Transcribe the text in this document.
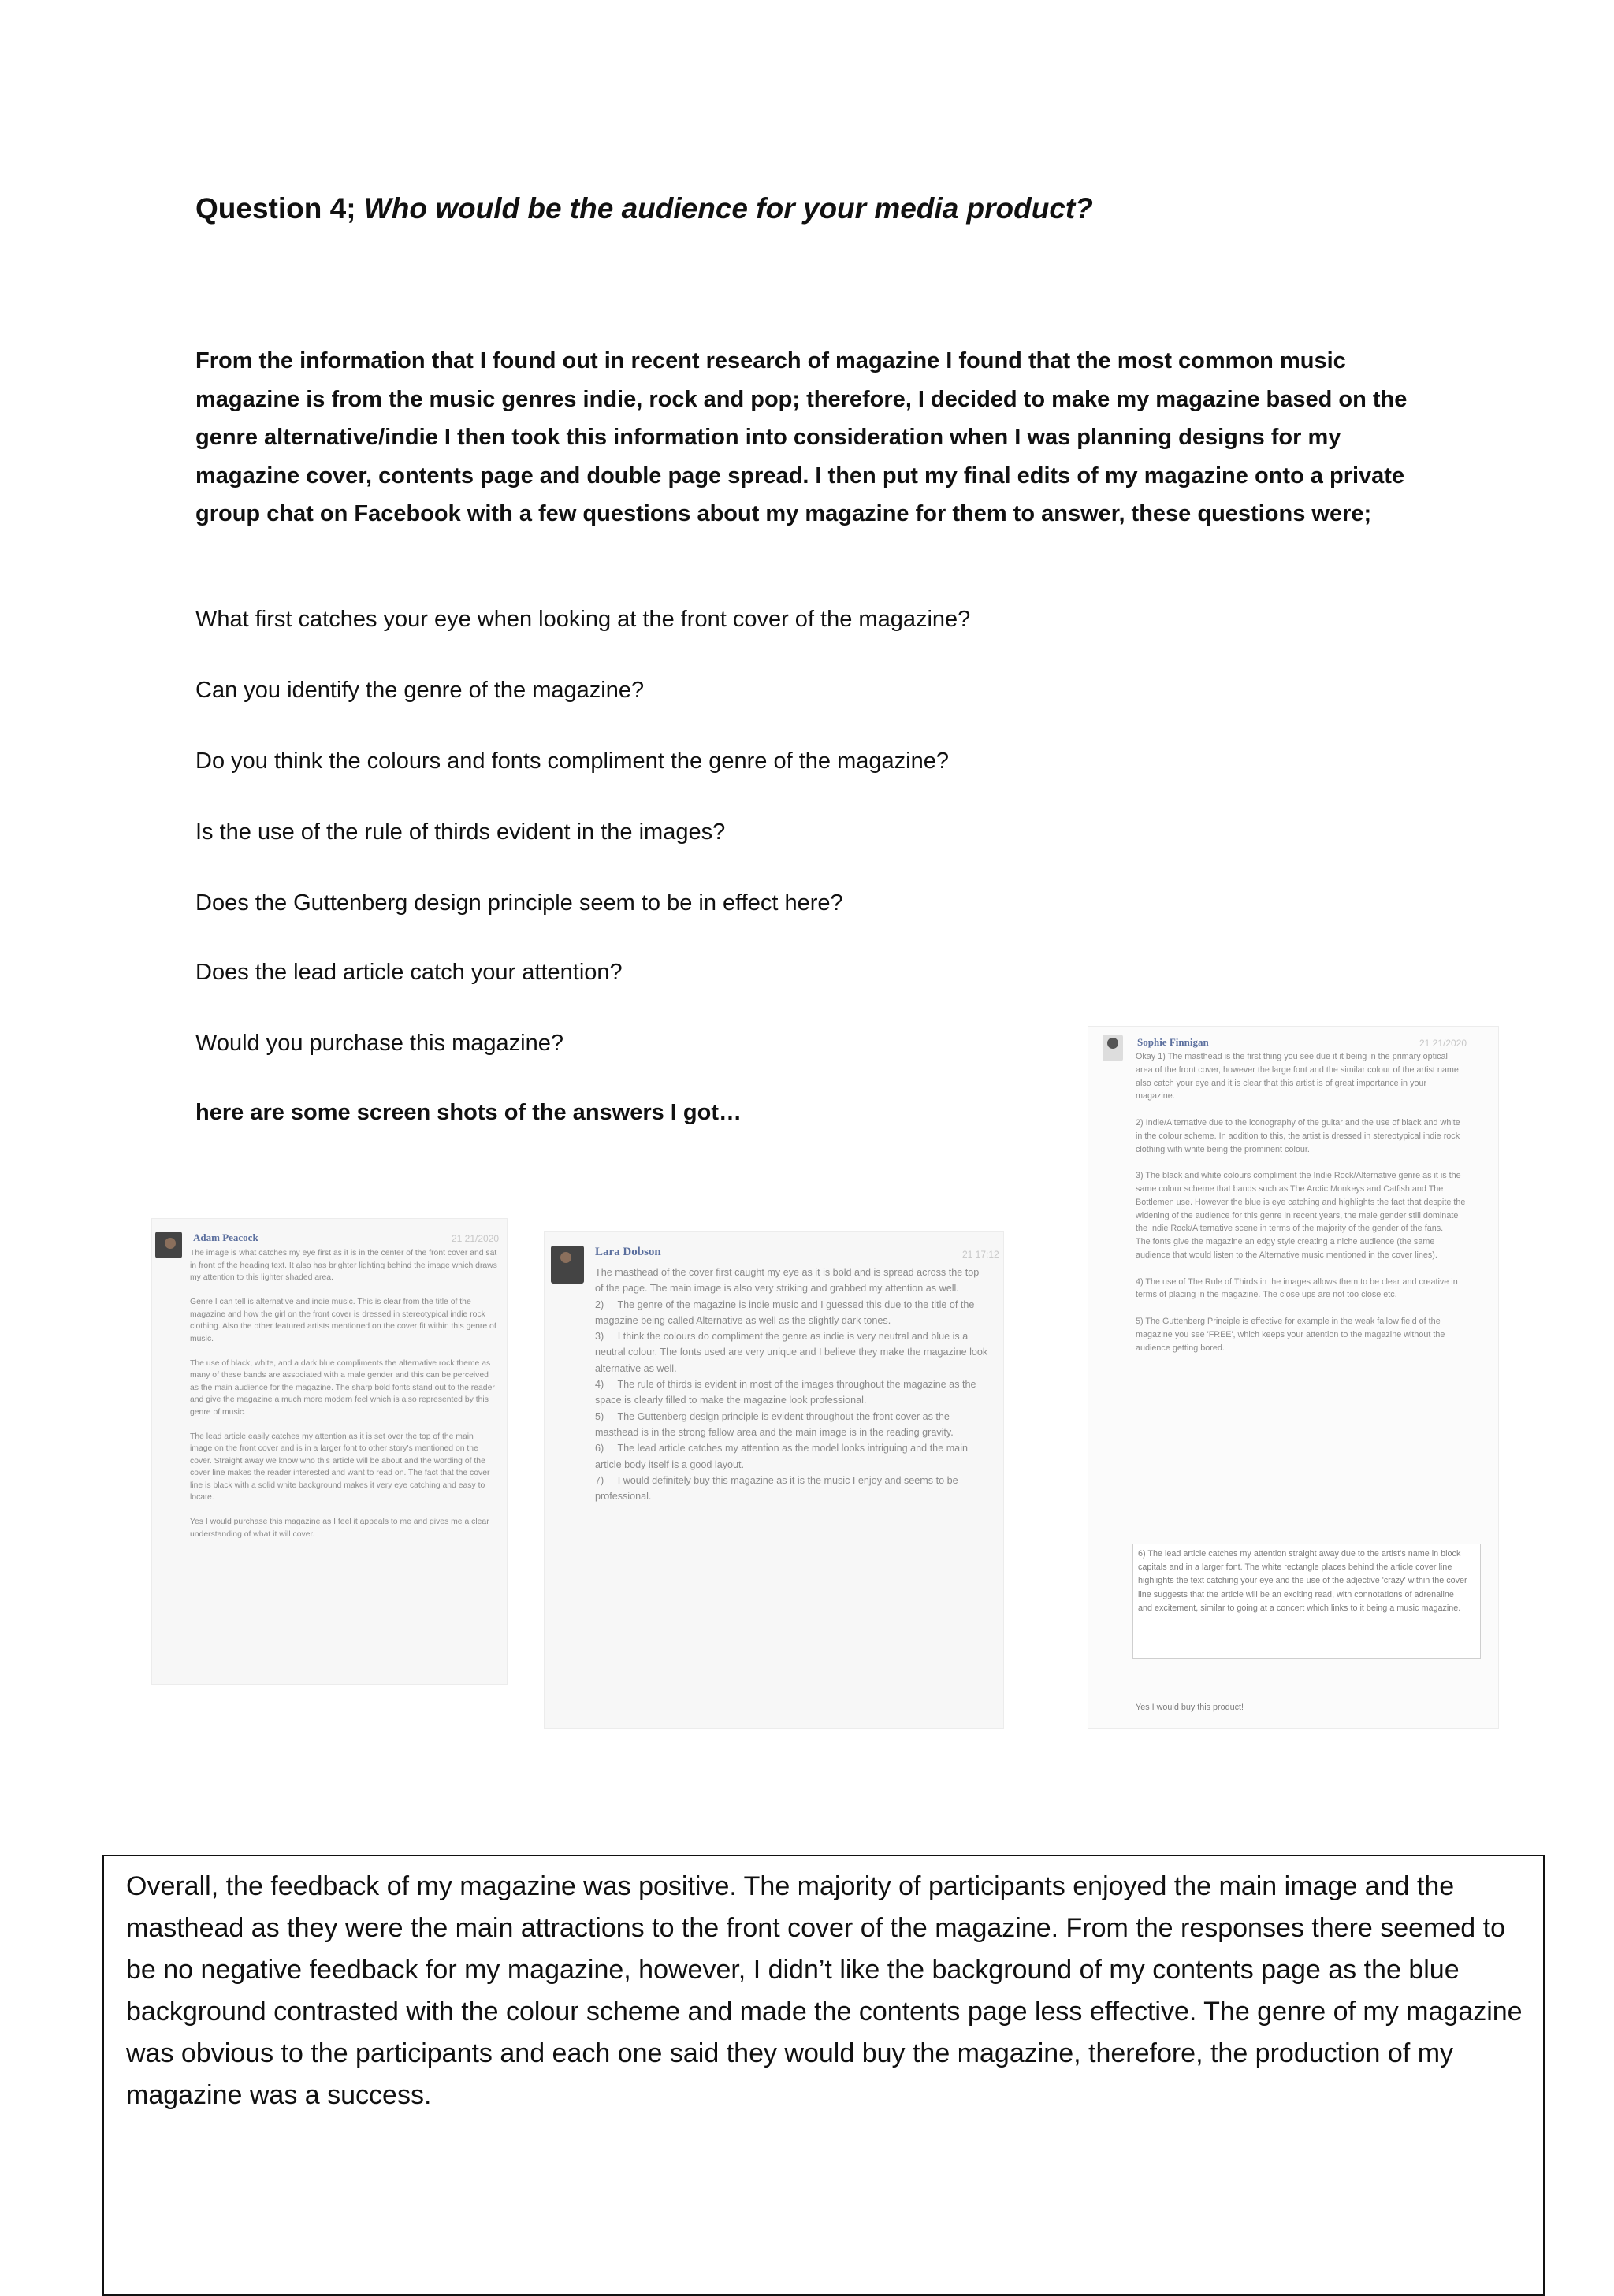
Question 4; Who would be the audience for your media product?
From the information that I found out in recent research of magazine I found that the most common music magazine is from the music genres indie, rock and pop; therefore, I decided to make my magazine based on the genre alternative/indie I then took this information into consideration when I was planning designs for my magazine cover, contents page and double page spread. I then put my final edits of my magazine onto a private group chat on Facebook with a few questions about my magazine for them to answer, these questions were;
What first catches your eye when looking at the front cover of the magazine?
Can you identify the genre of the magazine?
Do you think the colours and fonts compliment the genre of the magazine?
Is the use of the rule of thirds evident in the images?
Does the Guttenberg design principle seem to be in effect here?
Does the lead article catch your attention?
Would you purchase this magazine?
here are some screen shots of the answers I got…
Adam Peacock	21 21/2020
The image is what catches my eye first as it is in the center of the front cover and sat in front of the heading text. It also has brighter lighting behind the image which draws my attention to this lighter shaded area.

Genre I can tell is alternative and indie music. This is clear from the title of the magazine and how the girl on the front cover is dressed in stereotypical indie rock clothing. Also the other featured artists mentioned on the cover fit within this genre of music.

The use of black, white, and a dark blue compliments the alternative rock theme as many of these bands are associated with a male gender and this can be perceived as the main audience for the magazine. The sharp bold fonts stand out to the reader and give the magazine a much more modern feel which is also represented by this genre of music.

The lead article easily catches my attention as it is set over the top of the main image on the front cover and is in a larger font to other story's mentioned on the cover. Straight away we know who this article will be about and the wording of the cover line makes the reader interested and want to read on. The fact that the cover line is black with a solid white background makes it very eye catching and easy to locate.

Yes I would purchase this magazine as I feel it appeals to me and gives me a clear understanding of what it will cover.
Lara Dobson	21 17:12
The masthead of the cover first caught my eye as it is bold and is spread across the top of the page. The main image is also very striking and grabbed my attention as well.
2)     The genre of the magazine is indie music and I guessed this due to the title of the magazine being called Alternative as well as the slightly dark tones.
3)     I think the colours do compliment the genre as indie is very neutral and blue is a neutral colour. The fonts used are very unique and I believe they make the magazine look alternative as well.
4)     The rule of thirds is evident in most of the images throughout the magazine as the space is clearly filled to make the magazine look professional.
5)     The Guttenberg design principle is evident throughout the front cover as the masthead is in the strong fallow area and the main image is in the reading gravity.
6)     The lead article catches my attention as the model looks intriguing and the main article body itself is a good layout.
7)     I would definitely buy this magazine as it is the music I enjoy and seems to be professional.
Sophie Finnigan	21 21/2020
Okay 1) The masthead is the first thing you see due it it being in the primary optical area of the front cover, however the large font and the similar colour of the artist name also catch your eye and it is clear that this artist is of great importance in your magazine.

2) Indie/Alternative due to the iconography of the guitar and the use of black and white in the colour scheme. In addition to this, the artist is dressed in stereotypical indie rock clothing with white being the prominent colour.

3) The black and white colours compliment the Indie Rock/Alternative genre as it is the same colour scheme that bands such as The Arctic Monkeys and Catfish and The Bottlemen use. However the blue is eye catching and highlights the fact that despite the widening of the audience for this genre in recent years, the male gender still dominate the Indie Rock/Alternative scene in terms of the majority of the gender of the fans.
The fonts give the magazine an edgy style creating a niche audience (the same audience that would listen to the Alternative music mentioned in the cover lines).

4) The use of The Rule of Thirds in the images allows them to be clear and creative in terms of placing in the magazine. The close ups are not too close etc.

5) The Guttenberg Principle is effective for example in the weak fallow field of the magazine you see 'FREE', which keeps your attention to the magazine without the audience getting bored.
6) The lead article catches my attention straight away due to the artist's name in block capitals and in a larger font. The white rectangle places behind the article cover line highlights the text catching your eye and the use of the adjective 'crazy' within the cover line suggests that the article will be an exciting read, with connotations of adrenaline and excitement, similar to going at a concert which links to it being a music magazine.
Yes I would buy this product!
Overall, the feedback of my magazine was positive. The majority of participants enjoyed the main image and the masthead as they were the main attractions to the front cover of the magazine. From the responses there seemed to be no negative feedback for my magazine, however, I didn’t like the background of my contents page as the blue background contrasted with the colour scheme and made the contents page less effective. The genre of my magazine was obvious to the participants and each one said they would buy the magazine, therefore, the production of my magazine was a success.
